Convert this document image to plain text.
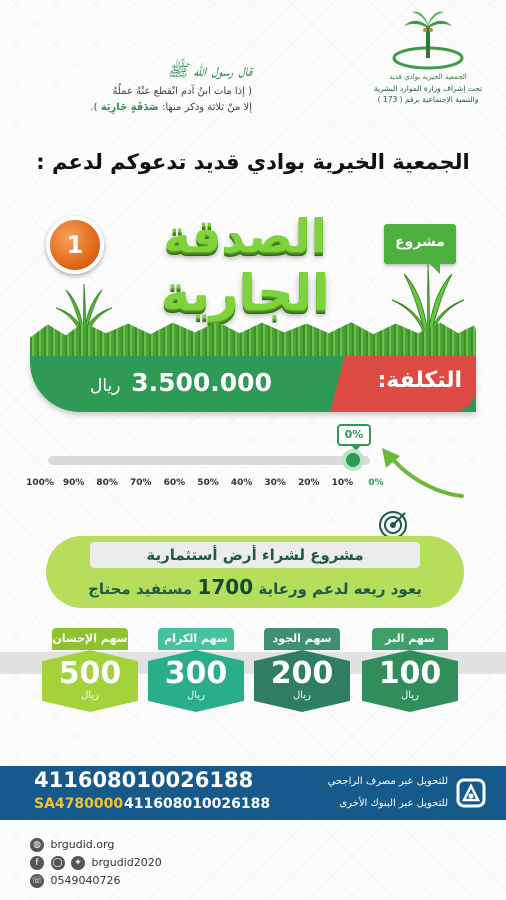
الجمعية الخيرية بوادي قديد
تحت إشراف وزارة الموارد البشرية
والتنمية الإجتماعية برقم ( 173 )
قال رسول الله ﷺ
( إذا مات ابنُ آدم انْقطع عنْهُ عملُهُ
إلا منْ ثلاثة وذكر منها: صَدَقَةٍ جَارِيَة ).
الجمعية الخيرية بوادي قديد تدعوكم لدعم :
1	مشروع
الصدقة
الجارية
التكلفة:
3.500.000 ريال
0%
0%
10%
20%
30%
40%
50%
60%
70%
80%
90%
100%
مشروع لشراء أرض أستثمارية
يعود ريعه لدعم ورعاية 1700 مستفيد محتاج
سهم البر
100
ريال
سهم الجود
200
ريال
سهم الكرام
300
ريال
سهم الإحسان
500
ريال
للتحويل عبر مصرف الراجحي
411608010026188
للتحويل عبر البنوك الأخرى
SA4780000 411608010026188
◍ brgudid.org
f ◯ ✦ brgudid2020
☏ 0549040726
